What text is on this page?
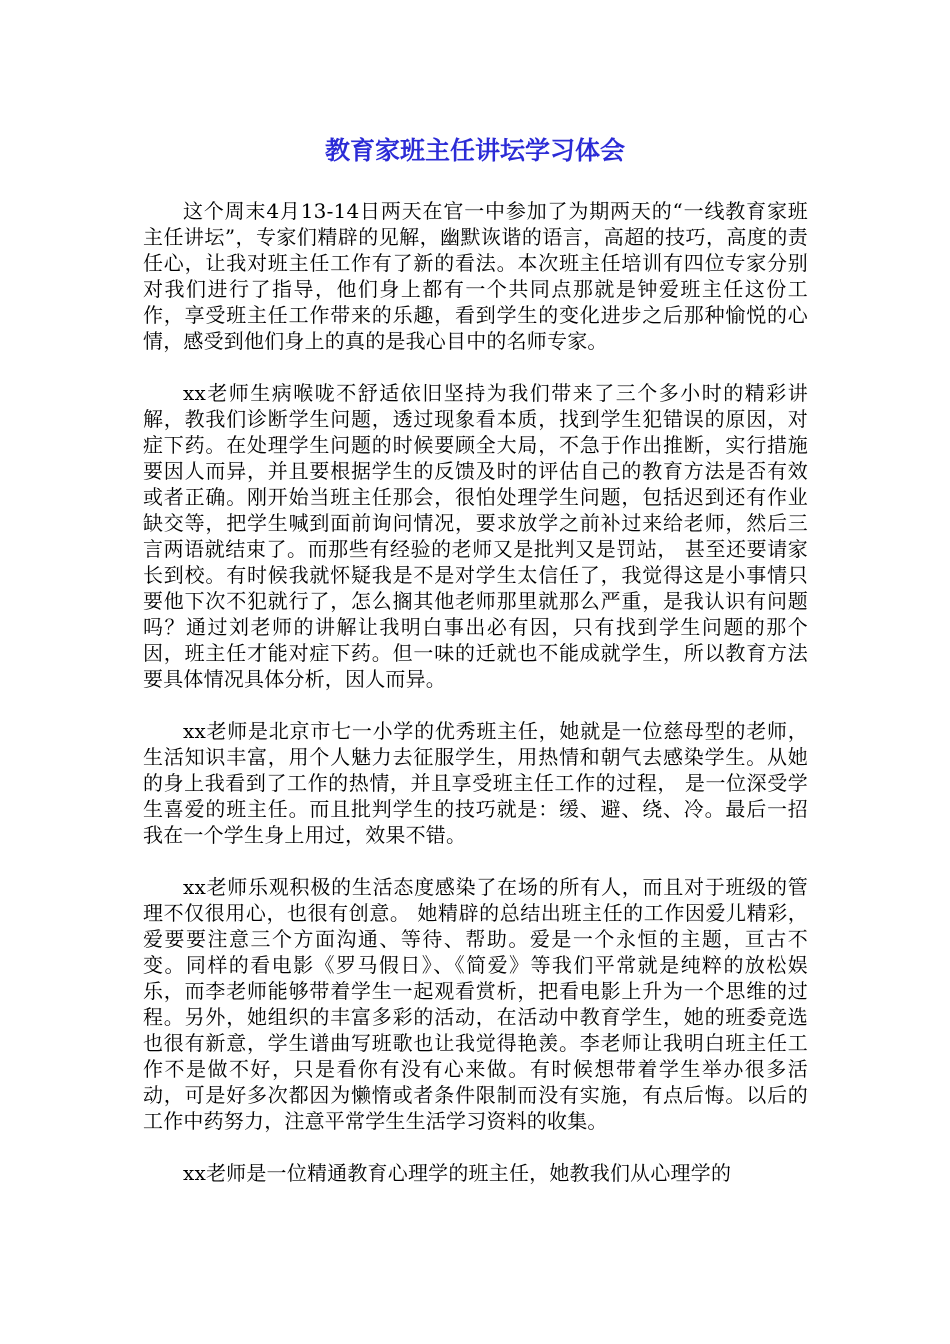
教育家班主任讲坛学习体会

这个周末4月13-14日两天在官一中参加了为期两天的“一线教育家班主任讲坛”，专家们精辟的见解，幽默诙谐的语言，高超的技巧，高度的责任心，让我对班主任工作有了新的看法。本次班主任培训有四位专家分别对我们进行了指导，他们身上都有一个共同点那就是钟爱班主任这份工作，享受班主任工作带来的乐趣，看到学生的变化进步之后那种愉悦的心情，感受到他们身上的真的是我心目中的名师专家。

xx老师生病喉咙不舒适依旧坚持为我们带来了三个多小时的精彩讲解，教我们诊断学生问题，透过现象看本质，找到学生犯错误的原因，对症下药。在处理学生问题的时候要顾全大局，不急于作出推断，实行措施要因人而异，并且要根据学生的反馈及时的评估自己的教育方法是否有效或者正确。刚开始当班主任那会，很怕处理学生问题，包括迟到还有作业缺交等，把学生喊到面前询问情况，要求放学之前补过来给老师，然后三言两语就结束了。而那些有经验的老师又是批判又是罚站， 甚至还要请家长到校。有时候我就怀疑我是不是对学生太信任了，我觉得这是小事情只要他下次不犯就行了，怎么搁其他老师那里就那么严重，是我认识有问题吗？通过刘老师的讲解让我明白事出必有因，只有找到学生问题的那个因，班主任才能对症下药。但一味的迁就也不能成就学生，所以教育方法要具体情况具体分析，因人而异。

xx老师是北京市七一小学的优秀班主任，她就是一位慈母型的老师，生活知识丰富，用个人魅力去征服学生，用热情和朝气去感染学生。从她的身上我看到了工作的热情，并且享受班主任工作的过程， 是一位深受学生喜爱的班主任。而且批判学生的技巧就是：缓、避、绕、冷。最后一招我在一个学生身上用过，效果不错。

xx老师乐观积极的生活态度感染了在场的所有人，而且对于班级的管理不仅很用心，也很有创意。 她精辟的总结出班主任的工作因爱儿精彩，爱要要注意三个方面沟通、等待、帮助。爱是一个永恒的主题，亘古不变。同样的看电影《罗马假日》、《简爱》等我们平常就是纯粹的放松娱乐，而李老师能够带着学生一起观看赏析，把看电影上升为一个思维的过程。另外，她组织的丰富多彩的活动，在活动中教育学生，她的班委竞选也很有新意，学生谱曲写班歌也让我觉得艳羡。李老师让我明白班主任工作不是做不好，只是看你有没有心来做。有时候想带着学生举办很多活动，可是好多次都因为懒惰或者条件限制而没有实施，有点后悔。以后的工作中药努力，注意平常学生生活学习资料的收集。

xx老师是一位精通教育心理学的班主任，她教我们从心理学的
